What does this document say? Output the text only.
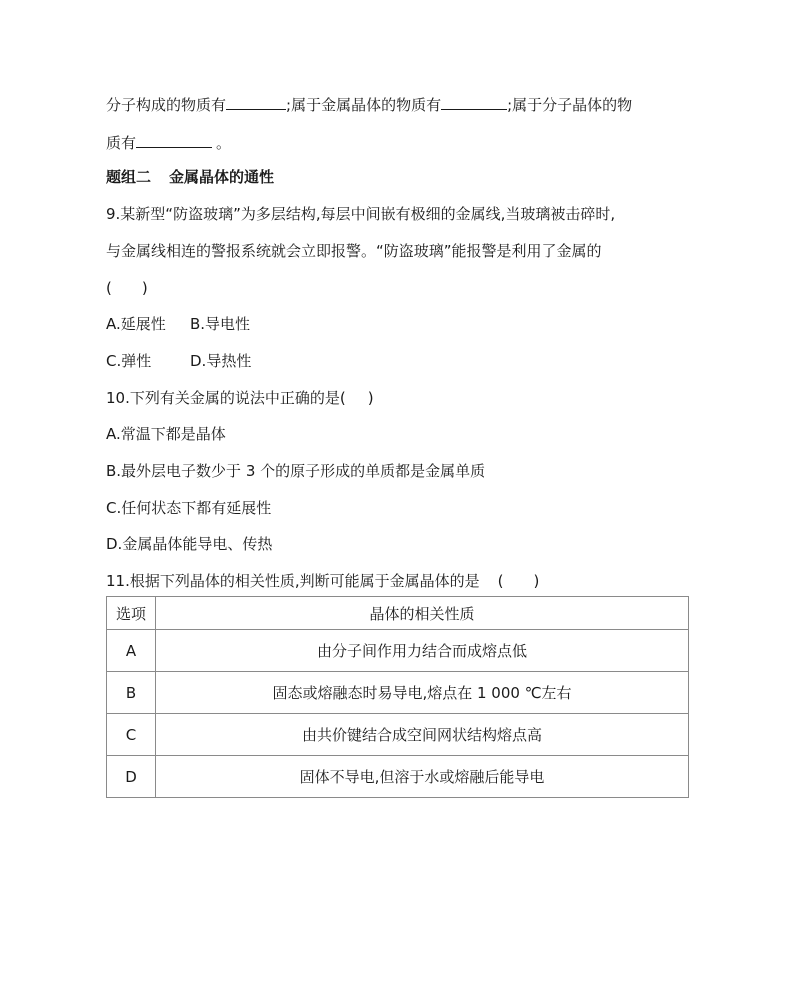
分子构成的物质有	;属于金属晶体的物质有	;属于分子晶体的物
质有	。
题组二 金属晶体的通性
9.某新型“防盗玻璃”为多层结构,每层中间嵌有极细的金属线,当玻璃被击碎时,
与金属线相连的警报系统就会立即报警。“防盗玻璃”能报警是利用了金属的
( )
A.延展性 B.导电性
C.弹性	D.导热性
10.下列有关金属的说法中正确的是( )
A.常温下都是晶体
B.最外层电子数少于 3 个的原子形成的单质都是金属单质
C.任何状态下都有延展性
D.金属晶体能导电、传热
11.根据下列晶体的相关性质,判断可能属于金属晶体的是 ( )
选项	晶体的相关性质
A	由分子间作用力结合而成熔点低
B	固态或熔融态时易导电,熔点在 1 000 ℃左右
C	由共价键结合成空间网状结构熔点高
D	固体不导电,但溶于水或熔融后能导电
